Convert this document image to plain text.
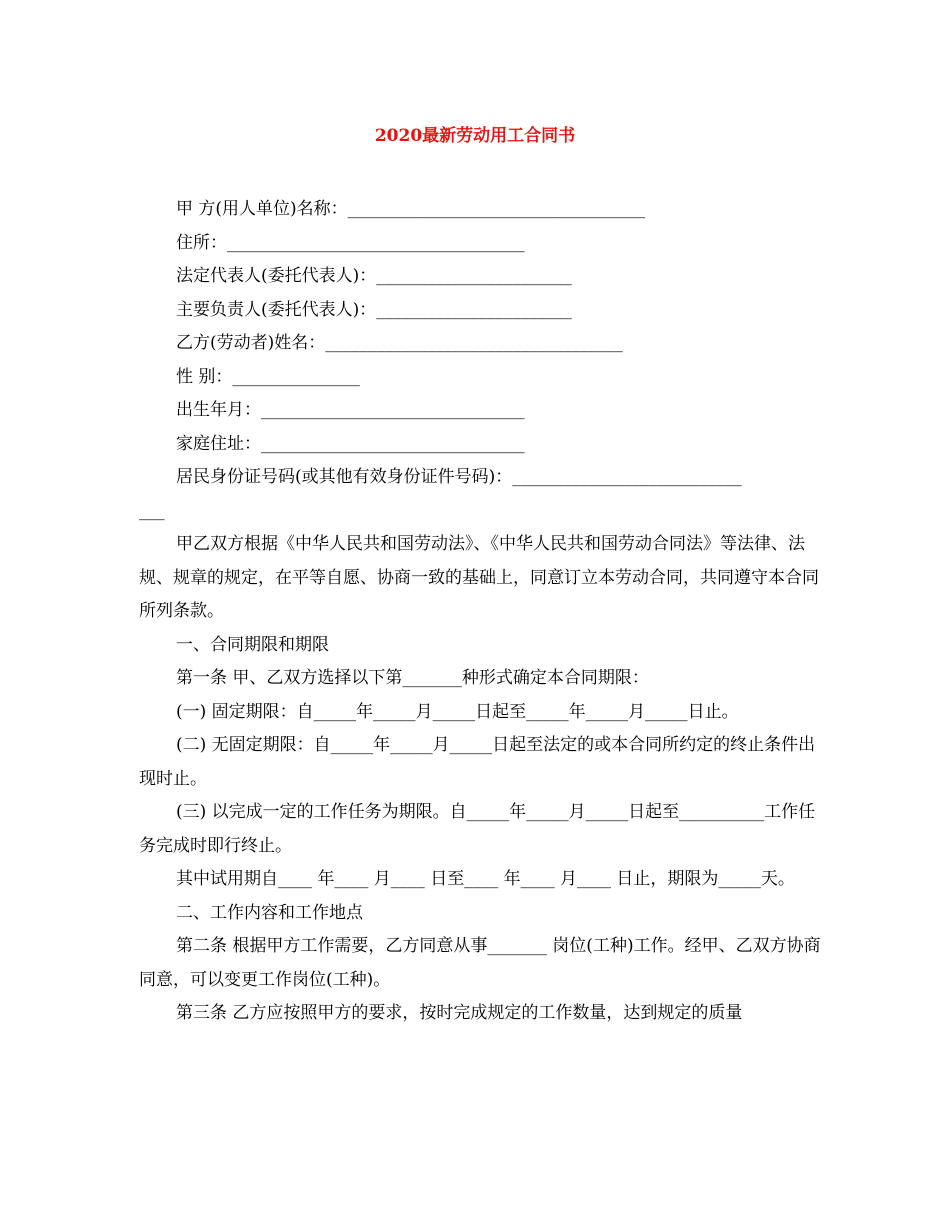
2020最新劳动用工合同书
甲 方(用人单位)名称：___________________________________
住所：___________________________________
法定代表人(委托代表人)：_______________________
主要负责人(委托代表人)：_______________________
乙方(劳动者)姓名：___________________________________
性 别：_______________
出生年月：_______________________________
家庭住址：_______________________________
居民身份证号码(或其他有效身份证件号码)：___________________________
___
甲乙双方根据《中华人民共和国劳动法》、《中华人民共和国劳动合同法》等法律、法规、规章的规定，在平等自愿、协商一致的基础上，同意订立本劳动合同，共同遵守本合同所列条款。
一、合同期限和期限
第一条 甲、乙双方选择以下第_______种形式确定本合同期限：
(一) 固定期限：自_____年_____月_____日起至_____年_____月_____日止。
(二) 无固定期限：自_____年_____月_____日起至法定的或本合同所约定的终止条件出现时止。
(三) 以完成一定的工作任务为期限。自_____年_____月_____日起至__________工作任务完成时即行终止。
其中试用期自____ 年____ 月____ 日至____ 年____ 月____ 日止，期限为_____天。
二、工作内容和工作地点
第二条 根据甲方工作需要，乙方同意从事_______ 岗位(工种)工作。经甲、乙双方协商同意，可以变更工作岗位(工种)。
第三条 乙方应按照甲方的要求，按时完成规定的工作数量，达到规定的质量
